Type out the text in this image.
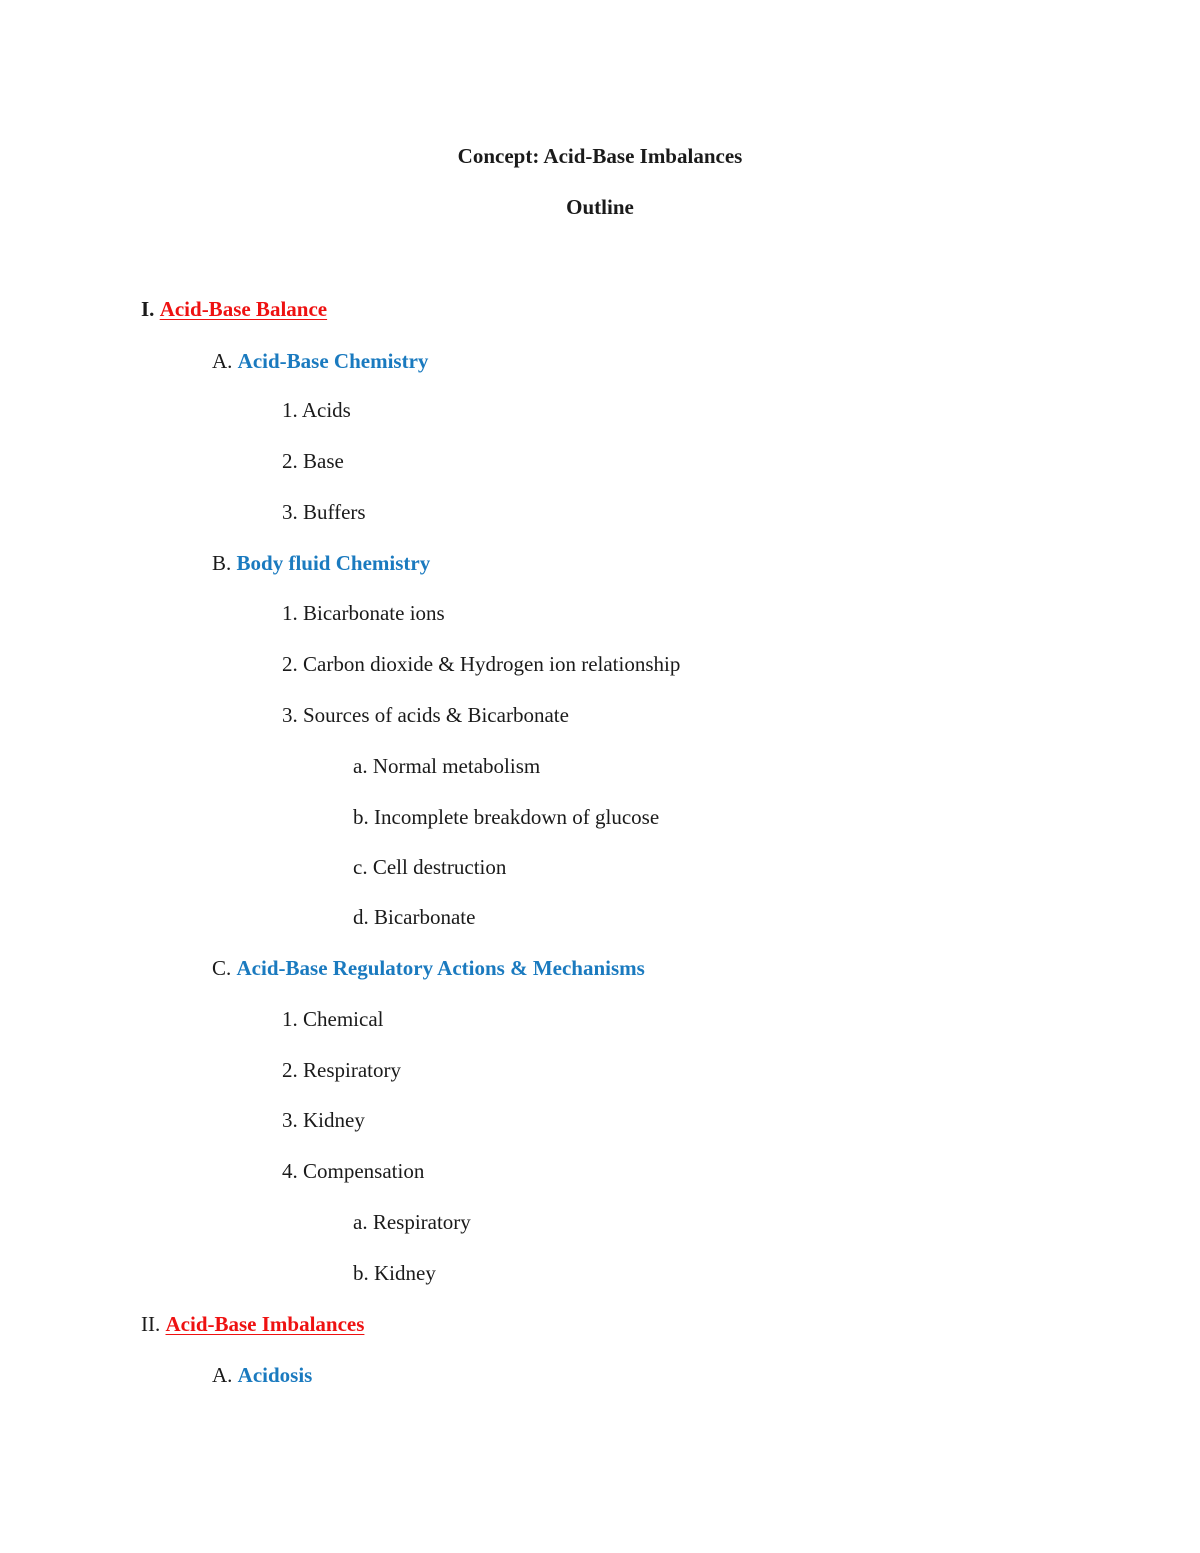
Concept: Acid-Base Imbalances
Outline
I. Acid-Base Balance
A. Acid-Base Chemistry
1. Acids
2. Base
3. Buffers
B. Body fluid Chemistry
1. Bicarbonate ions
2. Carbon dioxide & Hydrogen ion relationship
3. Sources of acids & Bicarbonate
a. Normal metabolism
b. Incomplete breakdown of glucose
c. Cell destruction
d. Bicarbonate
C. Acid-Base Regulatory Actions & Mechanisms
1. Chemical
2. Respiratory
3. Kidney
4. Compensation
a. Respiratory
b. Kidney
II. Acid-Base Imbalances
A. Acidosis
